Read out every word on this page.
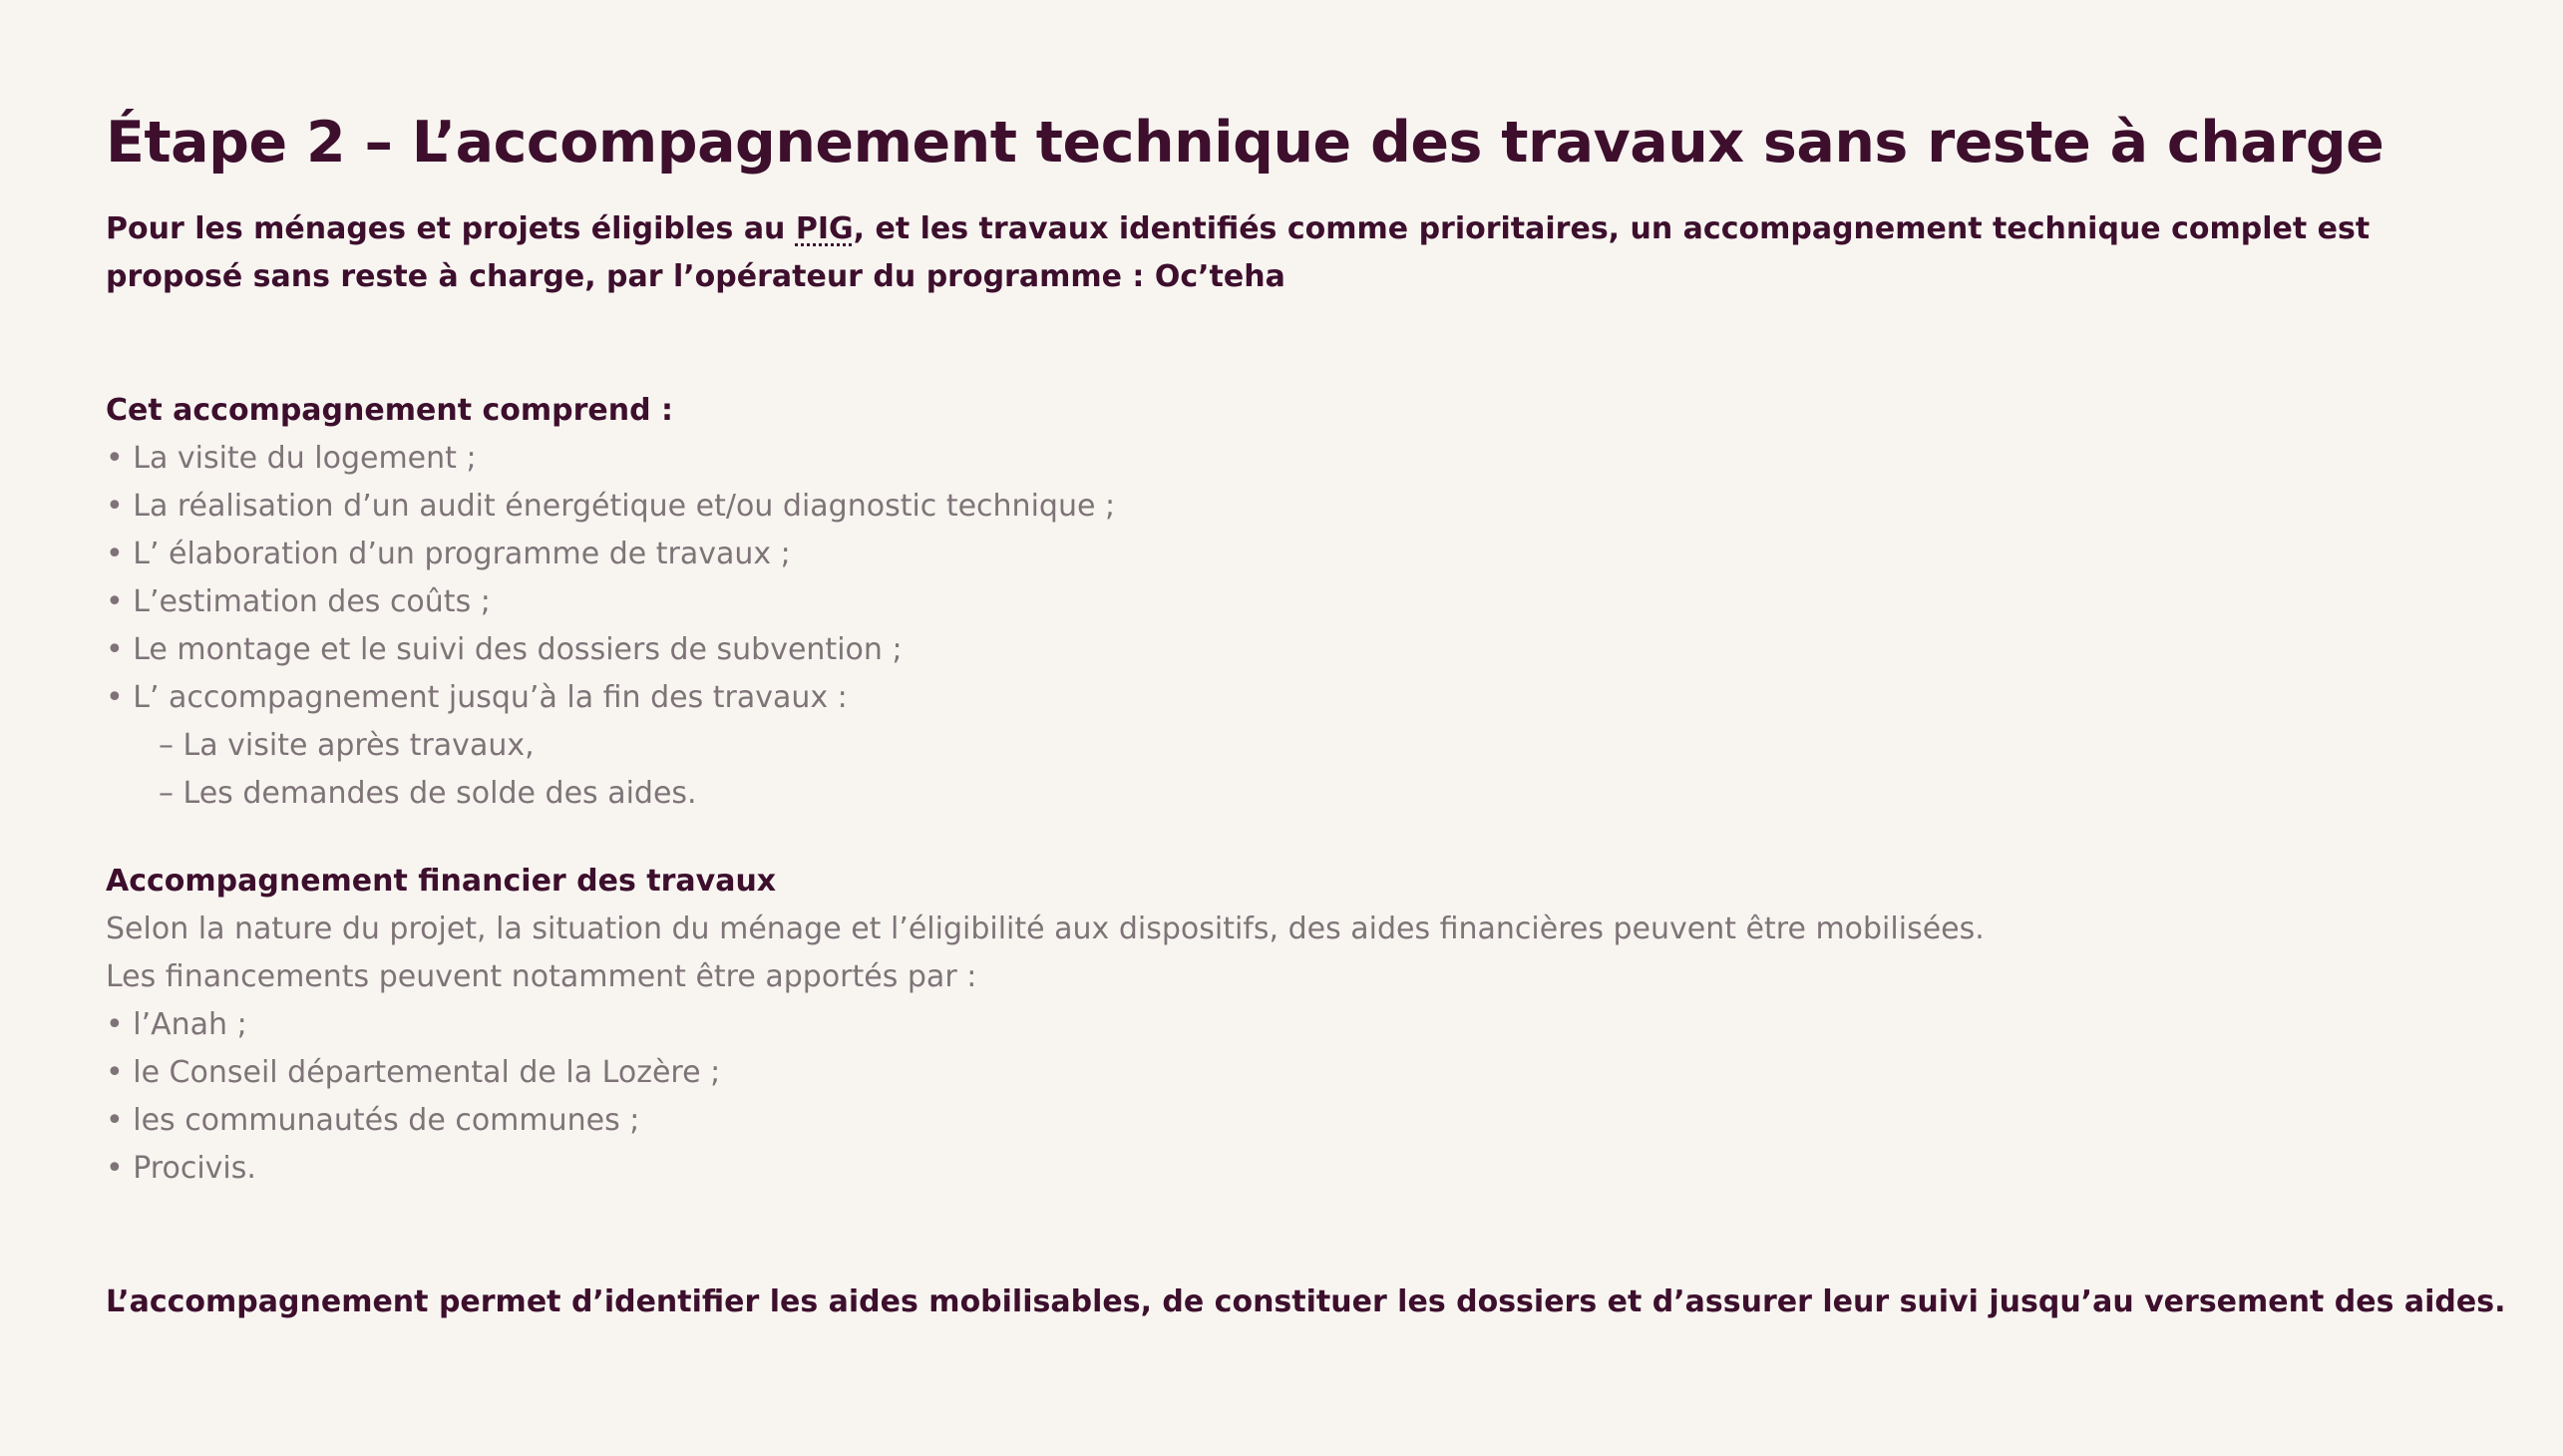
Étape 2 – L’accompagnement technique des travaux sans reste à charge

Pour les ménages et projets éligibles au PIG, et les travaux identifiés comme prioritaires, un accompagnement technique complet est proposé sans reste à charge, par l’opérateur du programme : Oc’teha

Cet accompagnement comprend :
• La visite du logement ;
• La réalisation d’un audit énergétique et/ou diagnostic technique ;
• L’ élaboration d’un programme de travaux ;
• L’estimation des coûts ;
• Le montage et le suivi des dossiers de subvention ;
• L’ accompagnement jusqu’à la fin des travaux :
– La visite après travaux,
– Les demandes de solde des aides.
Accompagnement financier des travaux

Selon la nature du projet, la situation du ménage et l’éligibilité aux dispositifs, des aides financières peuvent être mobilisées.

Les financements peuvent notamment être apportés par :

• l’Anah ;
• le Conseil départemental de la Lozère ;
• les communautés de communes ;
• Procivis.

L’accompagnement permet d’identifier les aides mobilisables, de constituer les dossiers et d’assurer leur suivi jusqu’au versement des aides.
